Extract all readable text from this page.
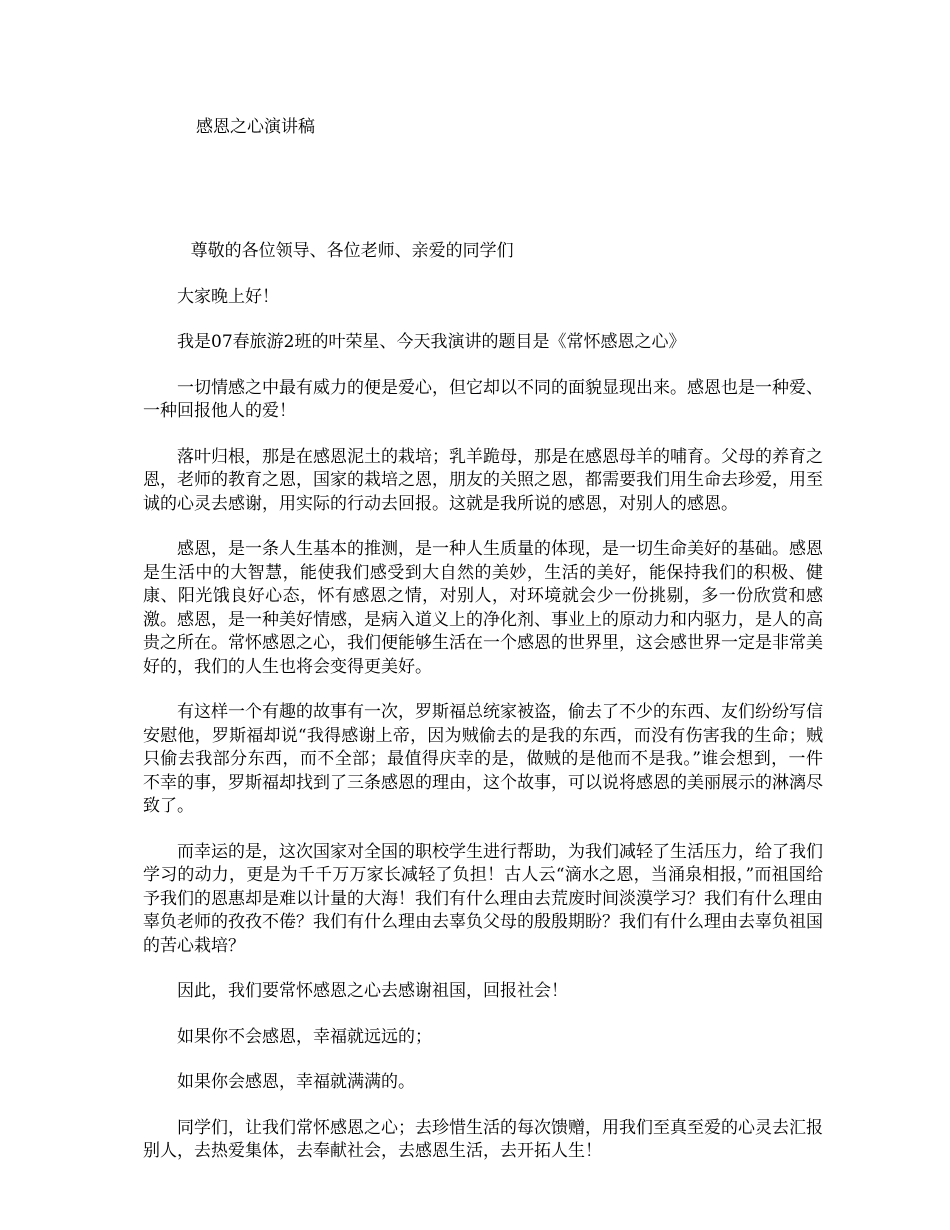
感恩之心演讲稿

尊敬的各位领导、各位老师、亲爱的同学们

大家晚上好！

我是07春旅游2班的叶荣星、今天我演讲的题目是《常怀感恩之心》

一切情感之中最有威力的便是爱心，但它却以不同的面貌显现出来。感恩也是一种爱、一种回报他人的爱！

落叶归根，那是在感恩泥土的栽培；乳羊跪母，那是在感恩母羊的哺育。父母的养育之恩，老师的教育之恩，国家的栽培之恩，朋友的关照之恩，都需要我们用生命去珍爱，用至诚的心灵去感谢，用实际的行动去回报。这就是我所说的感恩，对别人的感恩。

感恩，是一条人生基本的推测，是一种人生质量的体现，是一切生命美好的基础。感恩是生活中的大智慧，能使我们感受到大自然的美妙，生活的美好，能保持我们的积极、健康、阳光饿良好心态，怀有感恩之情，对别人，对环境就会少一份挑剔，多一份欣赏和感激。感恩，是一种美好情感，是病入道义上的净化剂、事业上的原动力和内驱力，是人的高贵之所在。常怀感恩之心，我们便能够生活在一个感恩的世界里，这会感世界一定是非常美好的，我们的人生也将会变得更美好。

有这样一个有趣的故事有一次，罗斯福总统家被盗，偷去了不少的东西、友们纷纷写信安慰他，罗斯福却说“我得感谢上帝，因为贼偷去的是我的东西，而没有伤害我的生命；贼只偷去我部分东西，而不全部；最值得庆幸的是，做贼的是他而不是我。”谁会想到，一件不幸的事，罗斯福却找到了三条感恩的理由，这个故事，可以说将感恩的美丽展示的淋漓尽致了。

而幸运的是，这次国家对全国的职校学生进行帮助，为我们减轻了生活压力，给了我们学习的动力，更是为千千万万家长减轻了负担！古人云“滴水之恩，当涌泉相报，”而祖国给予我们的恩惠却是难以计量的大海！我们有什么理由去荒废时间淡漠学习？我们有什么理由辜负老师的孜孜不倦？我们有什么理由去辜负父母的殷殷期盼？我们有什么理由去辜负祖国的苦心栽培？

因此，我们要常怀感恩之心去感谢祖国，回报社会！

如果你不会感恩，幸福就远远的；

如果你会感恩，幸福就满满的。

同学们，让我们常怀感恩之心；去珍惜生活的每次馈赠，用我们至真至爱的心灵去汇报别人，去热爱集体，去奉献社会，去感恩生活，去开拓人生！
